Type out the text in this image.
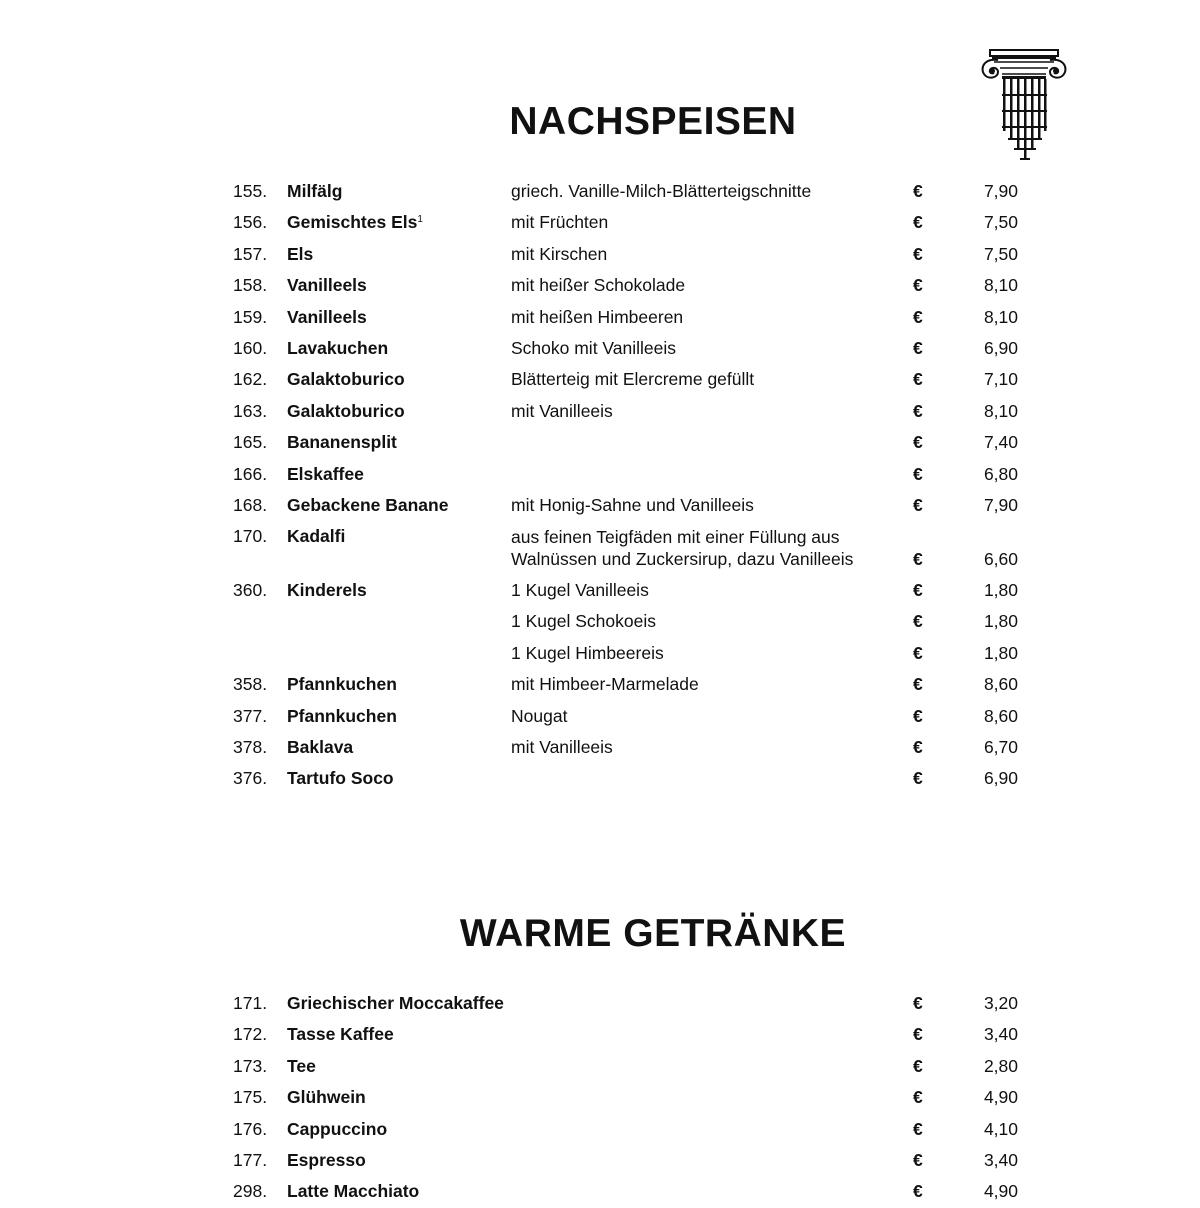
NACHSPEISEN
155. Milfälg	griech. Vanille-Milch-Blätterteigschnitte	€	7,90
156. Gemischtes Els$^1$	mit Früchten	€	7,50
157. Els	mit Kirschen	€	7,50
158. Vanilleels	mit heißer Schokolade	€	8,10
159. Vanilleels	mit heißen Himbeeren	€	8,10
160. Lavakuchen	Schoko mit Vanilleeis	€	6,90
162. Galaktoburico	Blätterteig mit Elercreme gefüllt	€	7,10
163. Galaktoburico	mit Vanilleeis	€	8,10
165. Bananensplit	€	7,40
166. Elskaffee	€	6,80
168. Gebackene Banane	mit Honig-Sahne und Vanilleeis	€	7,90
170. Kadalfi	aus feinen Teigfäden mit einer Füllung aus
Walnüssen und Zuckersirup, dazu Vanilleeis	€	6,60
360. Kinderels	1 Kugel Vanilleeis	€	1,80
1 Kugel Schokoeis	€	1,80
1 Kugel Himbeereis	€	1,80
358. Pfannkuchen	mit Himbeer-Marmelade	€	8,60
377. Pfannkuchen	Nougat	€	8,60
378. Baklava	mit Vanilleeis	€	6,70
376. Tartufo Soco	€	6,90
WARME GETRÄNKE
171. Griechischer Moccakaffee	€	3,20
172. Tasse Kaffee	€	3,40
173. Tee	€	2,80
175. Glühwein	€	4,90
176. Cappuccino	€	4,10
177. Espresso	€	3,40
298. Latte Macchiato	€	4,90
